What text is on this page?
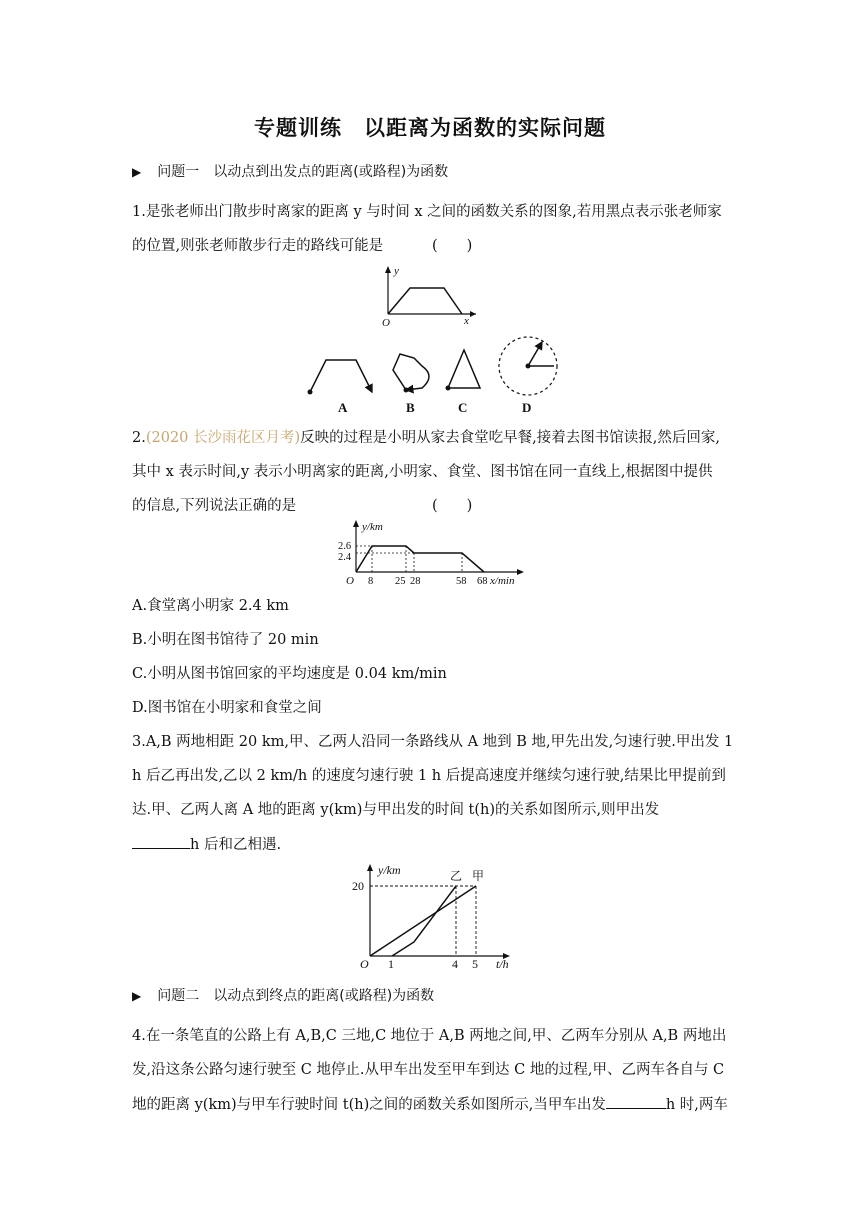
专题训练　以距离为函数的实际问题
▶ 问题一　以动点到出发点的距离(或路程)为函数
1.是张老师出门散步时离家的距离 y 与时间 x 之间的函数关系的图象,若用黑点表示张老师家
的位置,则张老师散步行走的路线可能是	(　　)
y
x
O
A	B	C	D
2.(2020 长沙雨花区月考)反映的过程是小明从家去食堂吃早餐,接着去图书馆读报,然后回家,
其中 x 表示时间,y 表示小明离家的距离,小明家、食堂、图书馆在同一直线上,根据图中提供
的信息,下列说法正确的是	(　　)
y/km
2.6
2.4
O 8 25 28	58 68 x/min
A.食堂离小明家 2.4 km
B.小明在图书馆待了 20 min
C.小明从图书馆回家的平均速度是 0.04 km/min
D.图书馆在小明家和食堂之间
3.A,B 两地相距 20 km,甲、乙两人沿同一条路线从 A 地到 B 地,甲先出发,匀速行驶.甲出发 1
h 后乙再出发,乙以 2 km/h 的速度匀速行驶 1 h 后提高速度并继续匀速行驶,结果比甲提前到
达.甲、乙两人离 A 地的距离 y(km)与甲出发的时间 t(h)的关系如图所示,则甲出发
h 后和乙相遇.
y/km
20
O 1	4 5 t/h
乙 甲
▶ 问题二　以动点到终点的距离(或路程)为函数
4.在一条笔直的公路上有 A,B,C 三地,C 地位于 A,B 两地之间,甲、乙两车分别从 A,B 两地出
发,沿这条公路匀速行驶至 C 地停止.从甲车出发至甲车到达 C 地的过程,甲、乙两车各自与 C
地的距离 y(km)与甲车行驶时间 t(h)之间的函数关系如图所示,当甲车出发	h 时,两车
